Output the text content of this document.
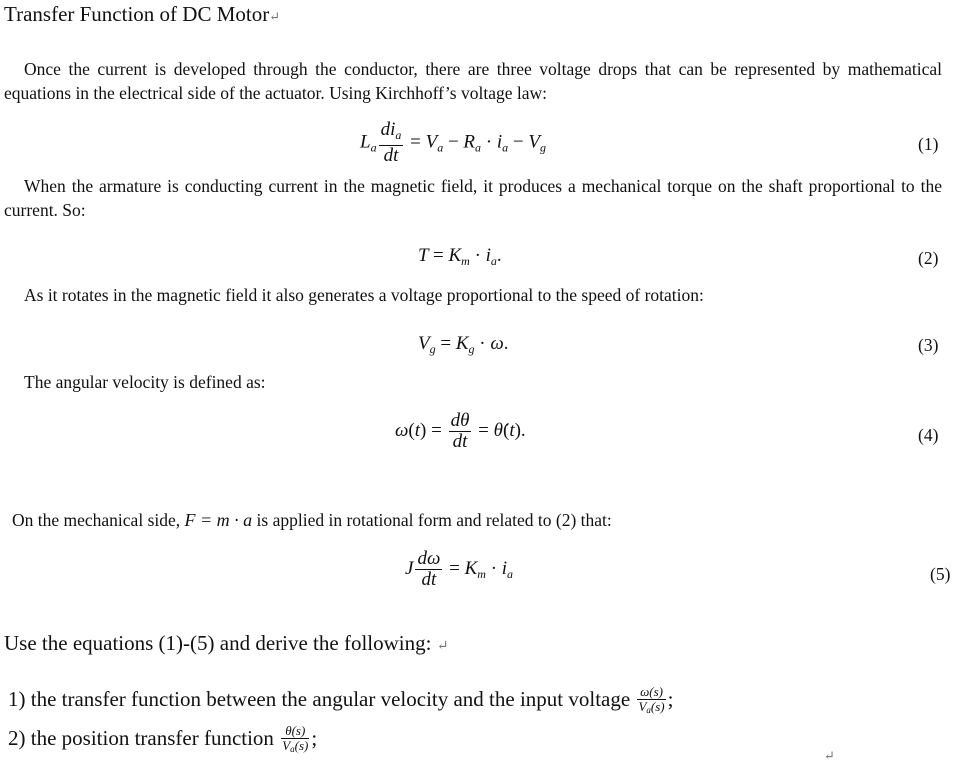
Transfer Function of DC Motor↵
Once the current is developed through the conductor, there are three voltage drops that can be represented by mathematical equations in the electrical side of the actuator. Using Kirchhoff’s voltage law:
$L_a \frac{di_a}{dt} = V_a - R_a \cdot i_a - V_g$	(1)
When the armature is conducting current in the magnetic field, it produces a mechanical torque on the shaft proportional to the current. So:
$T = K_m \cdot i_a$.	(2)
As it rotates in the magnetic field it also generates a voltage proportional to the speed of rotation:
$V_g = K_g \cdot \omega$.	(3)
The angular velocity is defined as:
$\omega(t) = \frac{d\theta}{dt}$ = θ̇(t).	(4)
On the mechanical side, F = m · a is applied in rotational form and related to (2) that:
J $\frac{d\omega}{dt} = K_m \cdot i_a$	(5)
Use the equations (1)-(5) and derive the following: ↵
1) the transfer function between the angular velocity and the input voltage $\frac{\omega(s)}{V_a(s)}$ ;
2) the position transfer function $\frac{\theta(s)}{V_a(s)}$ ;
↵
